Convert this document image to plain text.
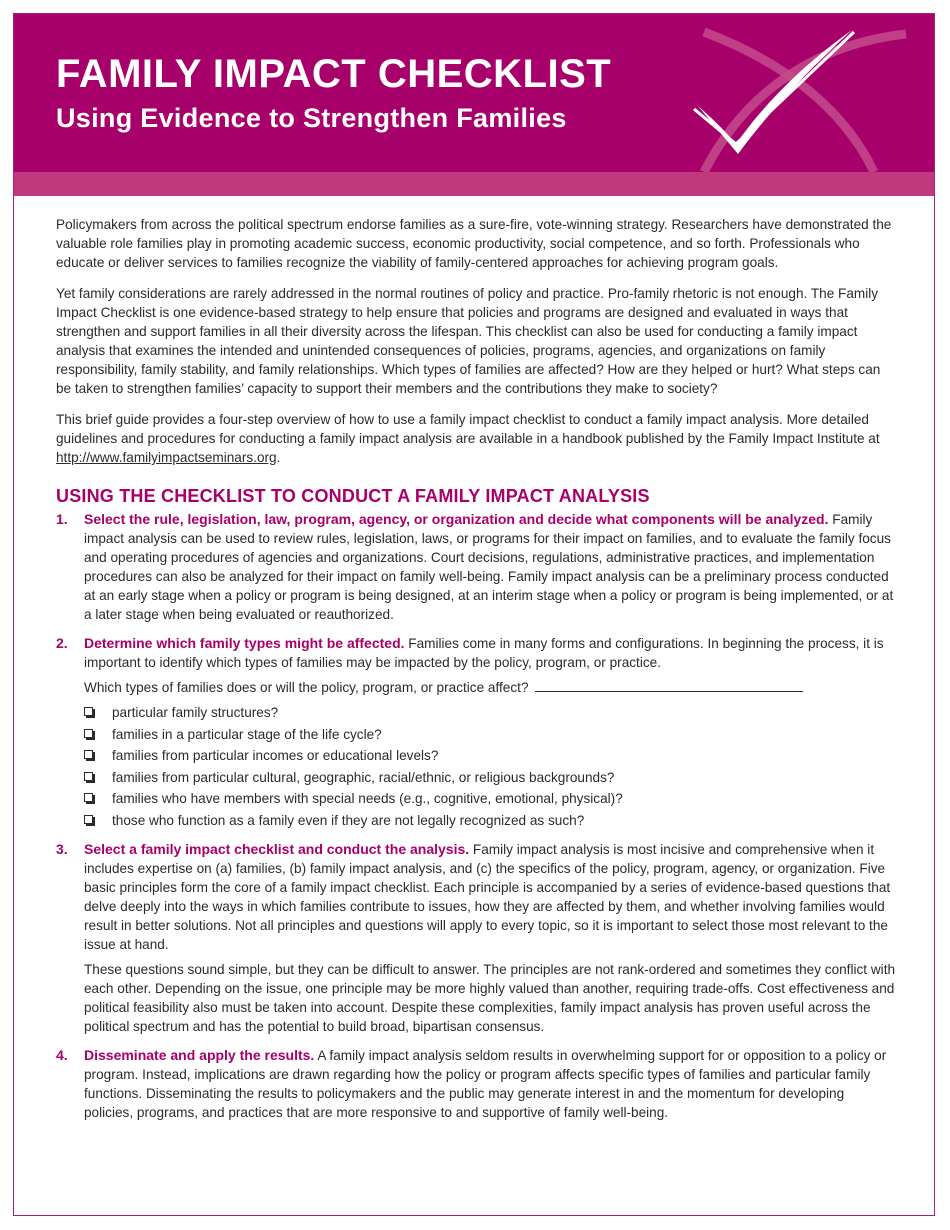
FAMILY IMPACT CHECKLIST
Using Evidence to Strengthen Families

Policymakers from across the political spectrum endorse families as a sure-fire, vote-winning strategy. Researchers have demonstrated the valuable role families play in promoting academic success, economic productivity, social competence, and so forth. Professionals who educate or deliver services to families recognize the viability of family-centered approaches for achieving program goals.

Yet family considerations are rarely addressed in the normal routines of policy and practice. Pro-family rhetoric is not enough. The Family Impact Checklist is one evidence-based strategy to help ensure that policies and programs are designed and evaluated in ways that strengthen and support families in all their diversity across the lifespan. This checklist can also be used for conducting a family impact analysis that examines the intended and unintended consequences of policies, programs, agencies, and organizations on family responsibility, family stability, and family relationships. Which types of families are affected? How are they helped or hurt? What steps can be taken to strengthen families’ capacity to support their members and the contributions they make to society?

This brief guide provides a four-step overview of how to use a family impact checklist to conduct a family impact analysis. More detailed guidelines and procedures for conducting a family impact analysis are available in a handbook published by the Family Impact Institute at http://www.familyimpactseminars.org.

USING THE CHECKLIST TO CONDUCT A FAMILY IMPACT ANALYSIS
1. Select the rule, legislation, law, program, agency, or organization and decide what components will be analyzed. Family impact analysis can be used to review rules, legislation, laws, or programs for their impact on families, and to evaluate the family focus and operating procedures of agencies and organizations. Court decisions, regulations, administrative practices, and implementation procedures can also be analyzed for their impact on family well-being. Family impact analysis can be a preliminary process conducted at an early stage when a policy or program is being designed, at an interim stage when a policy or program is being implemented, or at a later stage when being evaluated or reauthorized.
2. Determine which family types might be affected. Families come in many forms and configurations. In beginning the process, it is important to identify which types of families may be impacted by the policy, program, or practice.

Which types of families does or will the policy, program, or practice affect?

particular family structures?
families in a particular stage of the life cycle?
families from particular incomes or educational levels?
families from particular cultural, geographic, racial/ethnic, or religious backgrounds?
families who have members with special needs (e.g., cognitive, emotional, physical)?
those who function as a family even if they are not legally recognized as such?
3. Select a family impact checklist and conduct the analysis. Family impact analysis is most incisive and comprehensive when it includes expertise on (a) families, (b) family impact analysis, and (c) the specifics of the policy, program, agency, or organization. Five basic principles form the core of a family impact checklist. Each principle is accompanied by a series of evidence-based questions that delve deeply into the ways in which families contribute to issues, how they are affected by them, and whether involving families would result in better solutions. Not all principles and questions will apply to every topic, so it is important to select those most relevant to the issue at hand.

These questions sound simple, but they can be difficult to answer. The principles are not rank-ordered and sometimes they conflict with each other. Depending on the issue, one principle may be more highly valued than another, requiring trade-offs. Cost effectiveness and political feasibility also must be taken into account. Despite these complexities, family impact analysis has proven useful across the political spectrum and has the potential to build broad, bipartisan consensus.

4. Disseminate and apply the results. A family impact analysis seldom results in overwhelming support for or opposition to a policy or program. Instead, implications are drawn regarding how the policy or program affects specific types of families and particular family functions. Disseminating the results to policymakers and the public may generate interest in and the momentum for developing policies, programs, and practices that are more responsive to and supportive of family well-being.
